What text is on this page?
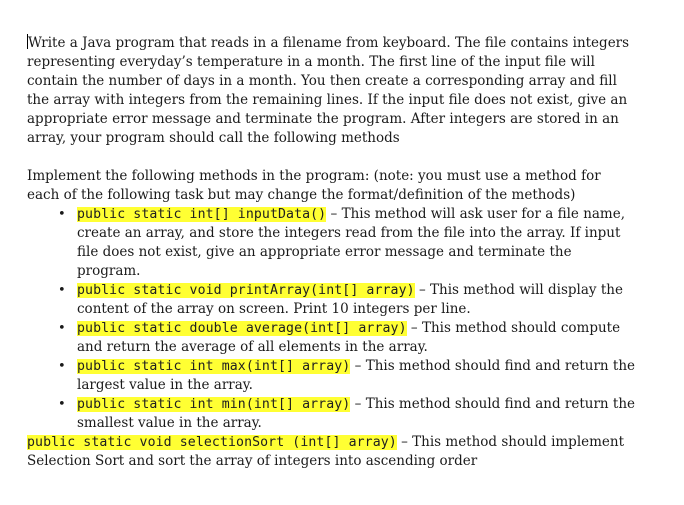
Write a Java program that reads in a filename from keyboard. The file contains integers representing everyday’s temperature in a month. The first line of the input file will contain the number of days in a month. You then create a corresponding array and fill the array with integers from the remaining lines. If the input file does not exist, give an appropriate error message and terminate the program. After integers are stored in an array, your program should call the following methods

Implement the following methods in the program: (note: you must use a method for each of the following task but may change the format/definition of the methods)

• public static int[] inputData() – This method will ask user for a file name, create an array, and store the integers read from the file into the array. If input file does not exist, give an appropriate error message and terminate the program.
• public static void printArray(int[] array) – This method will display the content of the array on screen. Print 10 integers per line.
• public static double average(int[] array) – This method should compute and return the average of all elements in the array.
• public static int max(int[] array) – This method should find and return the largest value in the array.
• public static int min(int[] array) – This method should find and return the smallest value in the array.

public static void selectionSort (int[] array) – This method should implement Selection Sort and sort the array of integers into ascending order
